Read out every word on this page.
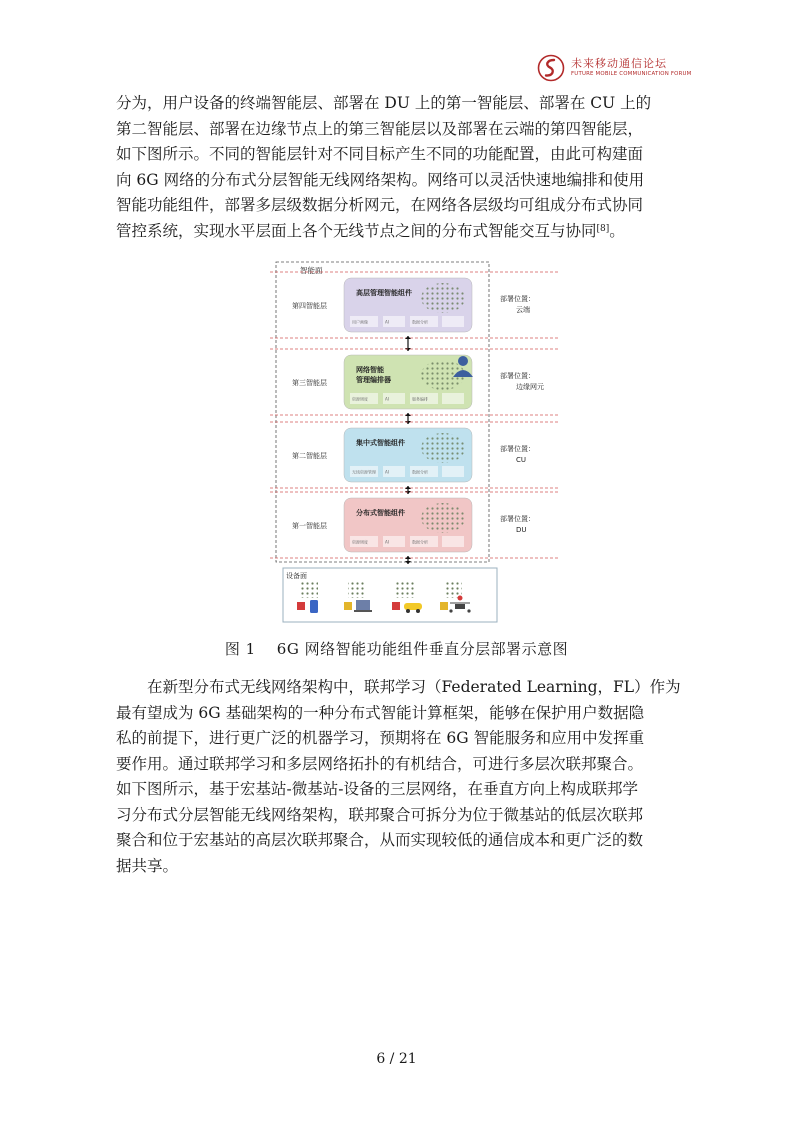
未来移动通信论坛
FUTURE MOBILE COMMUNICATION FORUM

分为，用户设备的终端智能层、部署在 DU 上的第一智能层、部署在 CU 上的
第二智能层、部署在边缘节点上的第三智能层以及部署在云端的第四智能层，
如下图所示。不同的智能层针对不同目标产生不同的功能配置，由此可构建面
向 6G 网络的分布式分层智能无线网络架构。网络可以灵活快速地编排和使用
智能功能组件，部署多层级数据分析网元，在网络各层级均可组成分布式协同
管控系统，实现水平层面上各个无线节点之间的分布式智能交互与协同[8]。

智能面
第四智能层
高层管理智能组件
用户画像	AI	数据分析
部署位置：
云端
第三智能层
网络智能
管理编排器
资源调度	AI	服务编排
部署位置：
边缘网元
第二智能层
集中式智能组件
无线资源管理 AI	数据分析
部署位置：
CU
第一智能层
分布式智能组件
资源调度	AI	数据分析
部署位置：
DU
设备面
图 1    6G 网络智能功能组件垂直分层部署示意图

在新型分布式无线网络架构中，联邦学习（Federated Learning，FL）作为
最有望成为 6G 基础架构的一种分布式智能计算框架，能够在保护用户数据隐
私的前提下，进行更广泛的机器学习，预期将在 6G 智能服务和应用中发挥重
要作用。通过联邦学习和多层网络拓扑的有机结合，可进行多层次联邦聚合。
如下图所示，基于宏基站-微基站-设备的三层网络，在垂直方向上构成联邦学
习分布式分层智能无线网络架构，联邦聚合可拆分为位于微基站的低层次联邦
聚合和位于宏基站的高层次联邦聚合，从而实现较低的通信成本和更广泛的数
据共享。

6 / 21
